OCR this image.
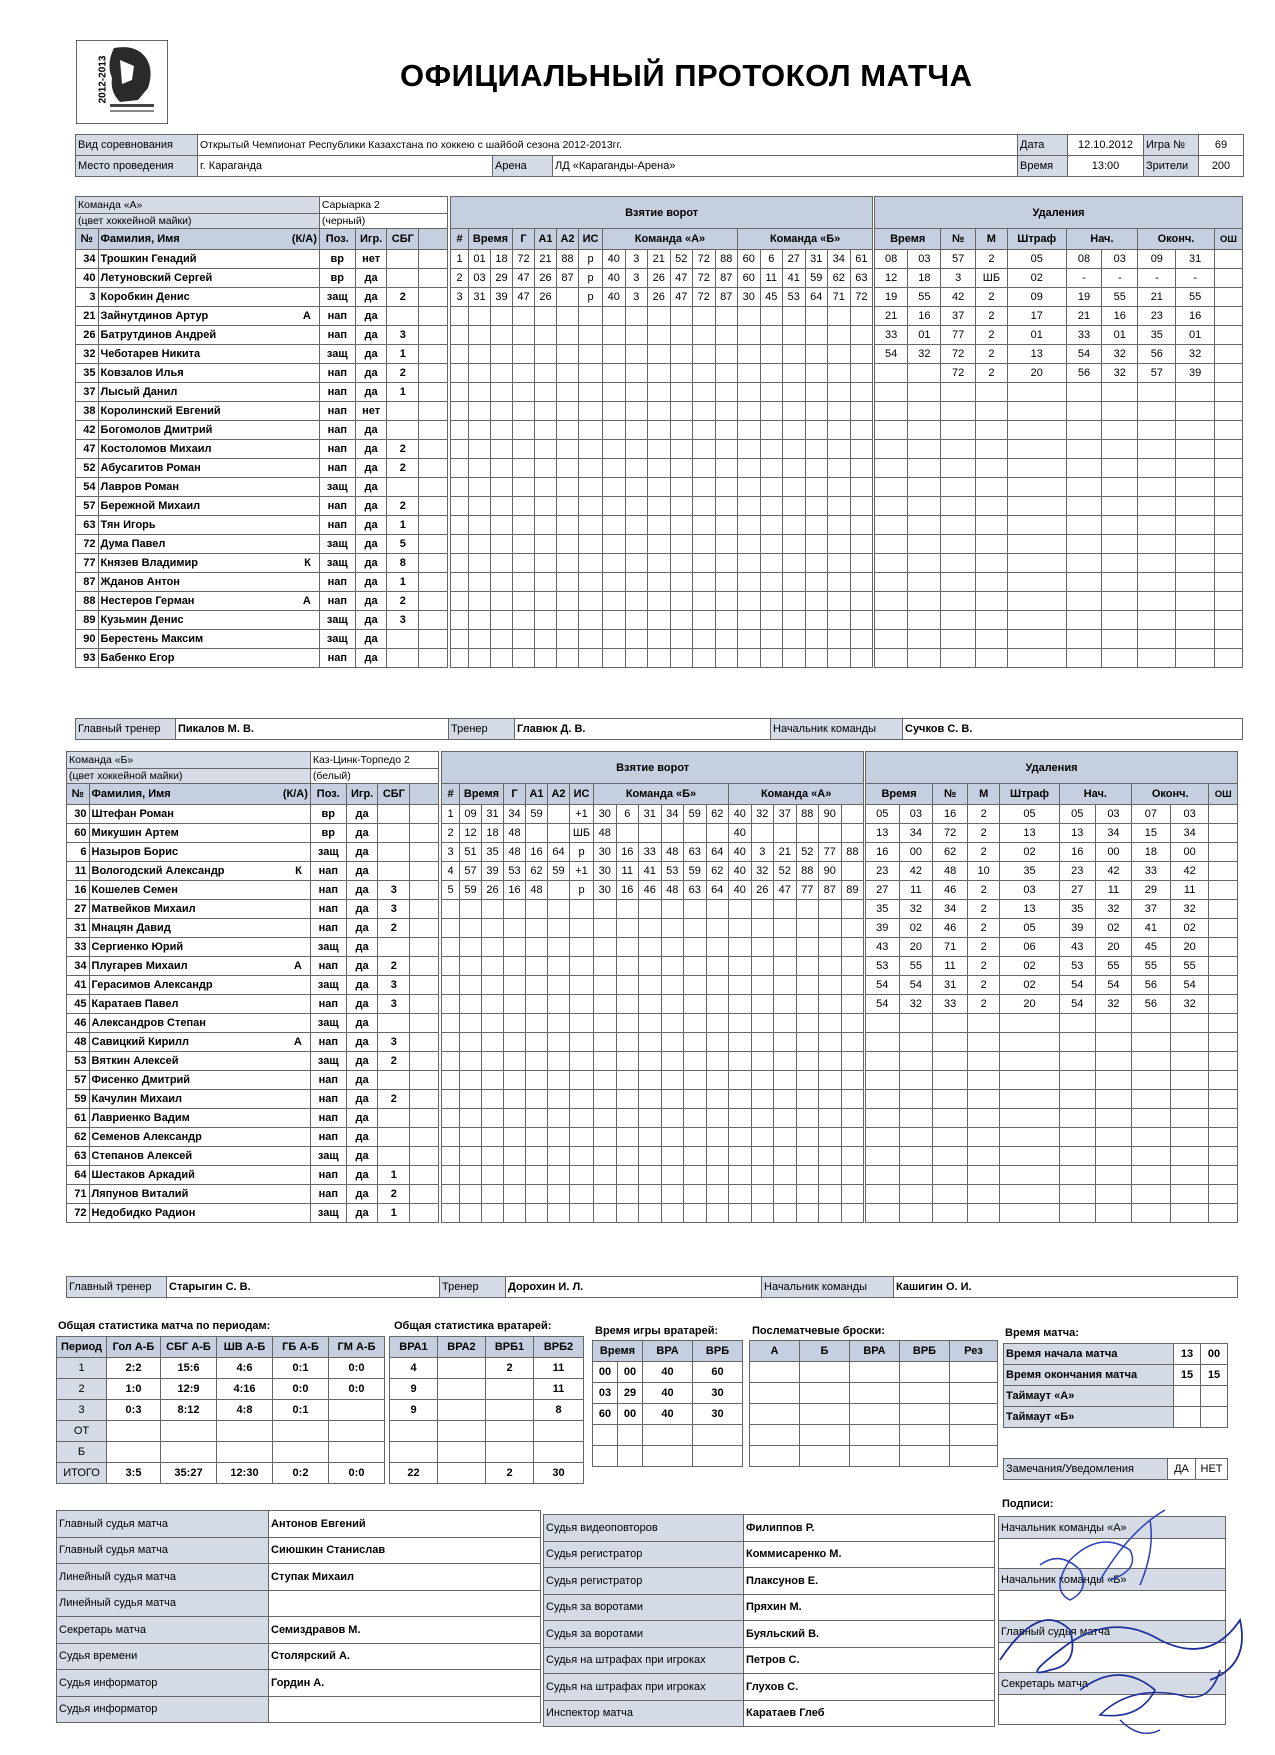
2012-2013	ОФИЦИАЛЬНЫЙ ПРОТОКОЛ МАТЧА
Вид соревнования	Открытый Чемпионат Республики Казахстана по хоккею с шайбой сезона 2012-2013гг.			Дата	12.10.2012	Игра №	69
Место проведения	г. Караганда	Арена	ЛД «Караганды-Арена»	Время	13:00	Зрители	200
Команда «А»		Сарыарка 2			
(цвет хоккейной майки)		(черный)			
№	Фамилия, Имя (К/А)	Поз.	Игр.	СБГ	
34	Трошкин Генадий	вр	нет		
40	Летуновский Сергей	вр	да		
3	Коробкин Денис	защ	да	2	
21	Зайнутдинов Артур А	нап	да		
26	Батрутдинов Андрей	нап	да	3	
32	Чеботарев Никита	защ	да	1	
35	Ковзалов Илья	нап	да	2	
37	Лысый Данил	нап	да	1	
38	Королинский Евгений	нап	нет		
42	Богомолов Дмитрий	нап	да		
47	Костоломов Михаил	нап	да	2	
52	Абусагитов Роман	нап	да	2	
54	Лавров Роман	защ	да		
57	Бережной Михаил	нап	да	2	
63	Тян Игорь	нап	да	1	
72	Дума Павел	защ	да	5	
77	Князев Владимир К	защ	да	8	
87	Жданов Антон	нап	да	1	
88	Нестеров Герман А	нап	да	2	
89	Кузьмин Денис	защ	да	3	
90	Берестень Максим	защ	да		
93	Бабенко Егор	нап	да		
Взятие ворот																		
#	Время		Г	А1	А2	ИС	Команда «А»						Команда «Б»					
1	01	18	72	21	88	р	40	3	21	52	72	88	60	6	27	31	34	61
2	03	29	47	26	87	р	40	3	26	47	72	87	60	11	41	59	62	63
3	31	39	47	26		р	40	3	26	47	72	87	30	45	53	64	71	72

Удаления									
Время		№	М	Штраф	Нач.		Оконч.		ОШ
08	03	57	2	05	08	03	09	31	
12	18	3	ШБ	02	-	-	-	-	
19	55	42	2	09	19	55	21	55	
21	16	37	2	17	21	16	23	16	
33	01	77	2	01	33	01	35	01	
54	32	72	2	13	54	32	56	32	
		72	2	20	56	32	57	39	

Главный тренер	Пикалов М. В.	Тренер	Главюк Д. В.	Начальник команды	Сучков С. В.
Команда «Б»		Каз-Цинк-Торпедо 2			
(цвет хоккейной майки)		(белый)			
№	Фамилия, Имя (К/А)	Поз.	Игр.	СБГ	
30	Штефан Роман	вр	да		
60	Микушин Артем	вр	да		
6	Назыров Борис	защ	да		
11	Вологодский Александр К	нап	да		
16	Кошелев Семен	нап	да	3	
27	Матвейков Михаил	нап	да	3	
31	Мнацян Давид	нап	да	2	
33	Сергиенко Юрий	защ	да		
34	Плугарев Михаил А	нап	да	2	
41	Герасимов Александр	защ	да	3	
45	Каратаев Павел	нап	да	3	
46	Александров Степан	защ	да		
48	Савицкий Кирилл А	нап	да	3	
53	Вяткин Алексей	защ	да	2	
57	Фисенко Дмитрий	нап	да		
59	Качулин Михаил	нап	да	2	
61	Лавриенко Вадим	нап	да		
62	Семенов Александр	нап	да		
63	Степанов Алексей	защ	да		
64	Шестаков Аркадий	нап	да	1	
71	Ляпунов Виталий	нап	да	2	
72	Недобидко Радион	защ	да	1	
Взятие ворот																		
#	Время		Г	А1	А2	ИС	Команда «Б»						Команда «А»					
1	09	31	34	59		+1	30	6	31	34	59	62	40	32	37	88	90	
2	12	18	48			ШБ	48						40					
3	51	35	48	16	64	р	30	16	33	48	63	64	40	3	21	52	77	88
4	57	39	53	62	59	+1	30	11	41	53	59	62	40	32	52	88	90	
5	59	26	16	48		р	30	16	46	48	63	64	40	26	47	77	87	89

Удаления									
Время		№	М	Штраф	Нач.		Оконч.		ОШ
05	03	16	2	05	05	03	07	03	
13	34	72	2	13	13	34	15	34	
16	00	62	2	02	16	00	18	00	
23	42	48	10	35	23	42	33	42	
27	11	46	2	03	27	11	29	11	
35	32	34	2	13	35	32	37	32	
39	02	46	2	05	39	02	41	02	
43	20	71	2	06	43	20	45	20	
53	55	11	2	02	53	55	55	55	
54	54	31	2	02	54	54	56	54	
54	32	33	2	20	54	32	56	32	

Главный тренер	Старыгин С. В.	Тренер	Дорохин И. Л.	Начальник команды	Кашигин О. И.
Общая статистика матча по периодам:
Период	Гол А-Б	СБГ А-Б	ШВ А-Б	ГБ А-Б	ГМ А-Б
1	2:2	15:6	4:6	0:1	0:0
2	1:0	12:9	4:16	0:0	0:0
3	0:3	8:12	4:8	0:1	
ОТ					
Б					
ИТОГО	3:5	35:27	12:30	0:2	0:0
Общая статистика вратарей:
ВРА1	ВРА2	ВРБ1	ВРБ2
4		2	11
9			11
9			8

22		2	30
Время игры вратарей:
Время		ВРА	ВРБ
00	00	40	60
03	29	40	30
60	00	40	30

Послематчевые броски:
А	Б	ВРА	ВРБ	Рез

Время матча:
Время начала матча	13	00
Время окончания матча	15	15
Таймаут «А»		
Таймаут «Б»		
Замечания/Уведомления	ДА	НЕТ
Главный судья матча	Антонов Евгений
Главный судья матча	Сиюшкин Станислав
Линейный судья матча	Ступак Михаил
Линейный судья матча	
Секретарь матча	Семиздравов М.
Судья времени	Столярский А.
Судья информатор	Гордин А.
Судья информатор	
Судья видеоповторов	Филиппов Р.
Судья регистратор	Коммисаренко М.
Судья регистратор	Плаксунов Е.
Судья за воротами	Пряхин М.
Судья за воротами	Буяльский В.
Судья на штрафах при игроках	Петров С.
Судья на штрафах при игроках	Глухов С.
Инспектор матча	Каратаев Глеб
Подписи:
Начальник команды «А»

Начальник команды «Б»

Главный судья матча

Секретарь матча
